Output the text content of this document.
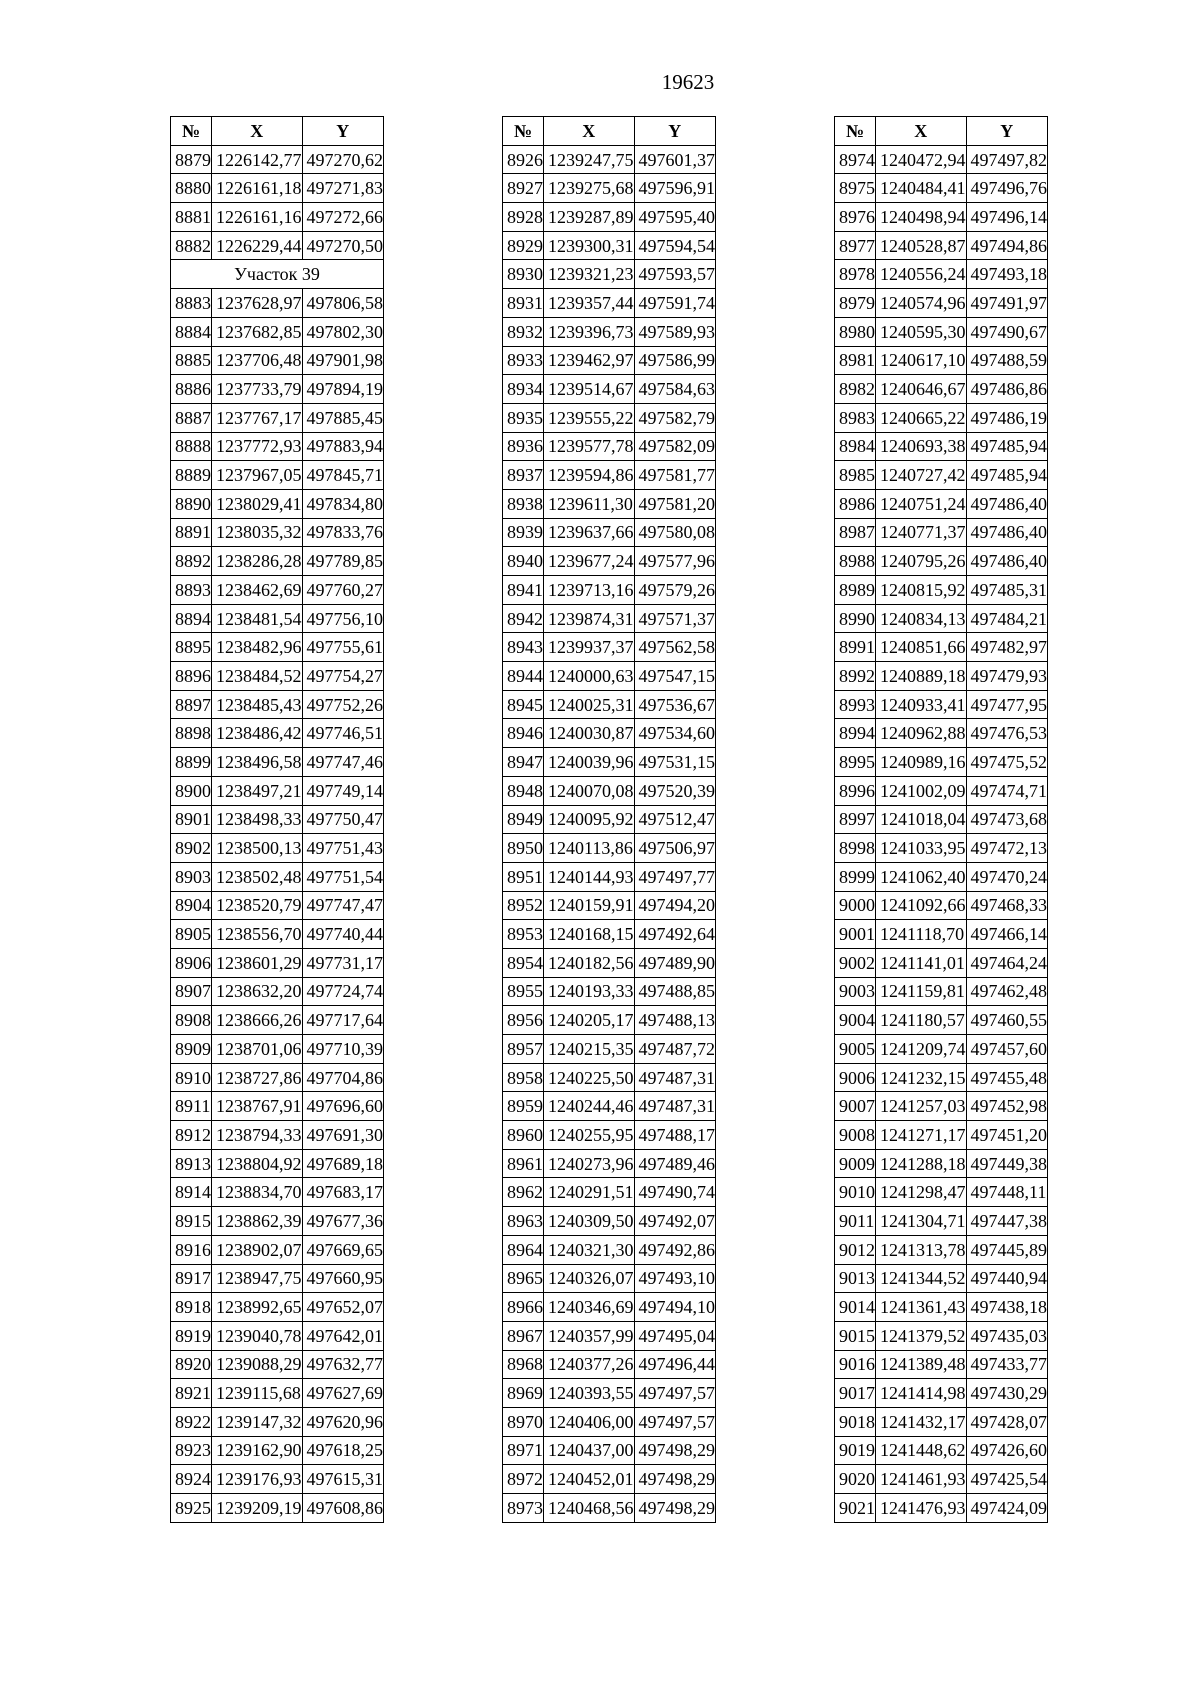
19623
№	X	Y
8879	1226142,77	497270,62
8880	1226161,18	497271,83
8881	1226161,16	497272,66
8882	1226229,44	497270,50
Участок 39		
8883	1237628,97	497806,58
8884	1237682,85	497802,30
8885	1237706,48	497901,98
8886	1237733,79	497894,19
8887	1237767,17	497885,45
8888	1237772,93	497883,94
8889	1237967,05	497845,71
8890	1238029,41	497834,80
8891	1238035,32	497833,76
8892	1238286,28	497789,85
8893	1238462,69	497760,27
8894	1238481,54	497756,10
8895	1238482,96	497755,61
8896	1238484,52	497754,27
8897	1238485,43	497752,26
8898	1238486,42	497746,51
8899	1238496,58	497747,46
8900	1238497,21	497749,14
8901	1238498,33	497750,47
8902	1238500,13	497751,43
8903	1238502,48	497751,54
8904	1238520,79	497747,47
8905	1238556,70	497740,44
8906	1238601,29	497731,17
8907	1238632,20	497724,74
8908	1238666,26	497717,64
8909	1238701,06	497710,39
8910	1238727,86	497704,86
8911	1238767,91	497696,60
8912	1238794,33	497691,30
8913	1238804,92	497689,18
8914	1238834,70	497683,17
8915	1238862,39	497677,36
8916	1238902,07	497669,65
8917	1238947,75	497660,95
8918	1238992,65	497652,07
8919	1239040,78	497642,01
8920	1239088,29	497632,77
8921	1239115,68	497627,69
8922	1239147,32	497620,96
8923	1239162,90	497618,25
8924	1239176,93	497615,31
8925	1239209,19	497608,86
№	X	Y
8926	1239247,75	497601,37
8927	1239275,68	497596,91
8928	1239287,89	497595,40
8929	1239300,31	497594,54
8930	1239321,23	497593,57
8931	1239357,44	497591,74
8932	1239396,73	497589,93
8933	1239462,97	497586,99
8934	1239514,67	497584,63
8935	1239555,22	497582,79
8936	1239577,78	497582,09
8937	1239594,86	497581,77
8938	1239611,30	497581,20
8939	1239637,66	497580,08
8940	1239677,24	497577,96
8941	1239713,16	497579,26
8942	1239874,31	497571,37
8943	1239937,37	497562,58
8944	1240000,63	497547,15
8945	1240025,31	497536,67
8946	1240030,87	497534,60
8947	1240039,96	497531,15
8948	1240070,08	497520,39
8949	1240095,92	497512,47
8950	1240113,86	497506,97
8951	1240144,93	497497,77
8952	1240159,91	497494,20
8953	1240168,15	497492,64
8954	1240182,56	497489,90
8955	1240193,33	497488,85
8956	1240205,17	497488,13
8957	1240215,35	497487,72
8958	1240225,50	497487,31
8959	1240244,46	497487,31
8960	1240255,95	497488,17
8961	1240273,96	497489,46
8962	1240291,51	497490,74
8963	1240309,50	497492,07
8964	1240321,30	497492,86
8965	1240326,07	497493,10
8966	1240346,69	497494,10
8967	1240357,99	497495,04
8968	1240377,26	497496,44
8969	1240393,55	497497,57
8970	1240406,00	497497,57
8971	1240437,00	497498,29
8972	1240452,01	497498,29
8973	1240468,56	497498,29
№	X	Y
8974	1240472,94	497497,82
8975	1240484,41	497496,76
8976	1240498,94	497496,14
8977	1240528,87	497494,86
8978	1240556,24	497493,18
8979	1240574,96	497491,97
8980	1240595,30	497490,67
8981	1240617,10	497488,59
8982	1240646,67	497486,86
8983	1240665,22	497486,19
8984	1240693,38	497485,94
8985	1240727,42	497485,94
8986	1240751,24	497486,40
8987	1240771,37	497486,40
8988	1240795,26	497486,40
8989	1240815,92	497485,31
8990	1240834,13	497484,21
8991	1240851,66	497482,97
8992	1240889,18	497479,93
8993	1240933,41	497477,95
8994	1240962,88	497476,53
8995	1240989,16	497475,52
8996	1241002,09	497474,71
8997	1241018,04	497473,68
8998	1241033,95	497472,13
8999	1241062,40	497470,24
9000	1241092,66	497468,33
9001	1241118,70	497466,14
9002	1241141,01	497464,24
9003	1241159,81	497462,48
9004	1241180,57	497460,55
9005	1241209,74	497457,60
9006	1241232,15	497455,48
9007	1241257,03	497452,98
9008	1241271,17	497451,20
9009	1241288,18	497449,38
9010	1241298,47	497448,11
9011	1241304,71	497447,38
9012	1241313,78	497445,89
9013	1241344,52	497440,94
9014	1241361,43	497438,18
9015	1241379,52	497435,03
9016	1241389,48	497433,77
9017	1241414,98	497430,29
9018	1241432,17	497428,07
9019	1241448,62	497426,60
9020	1241461,93	497425,54
9021	1241476,93	497424,09
